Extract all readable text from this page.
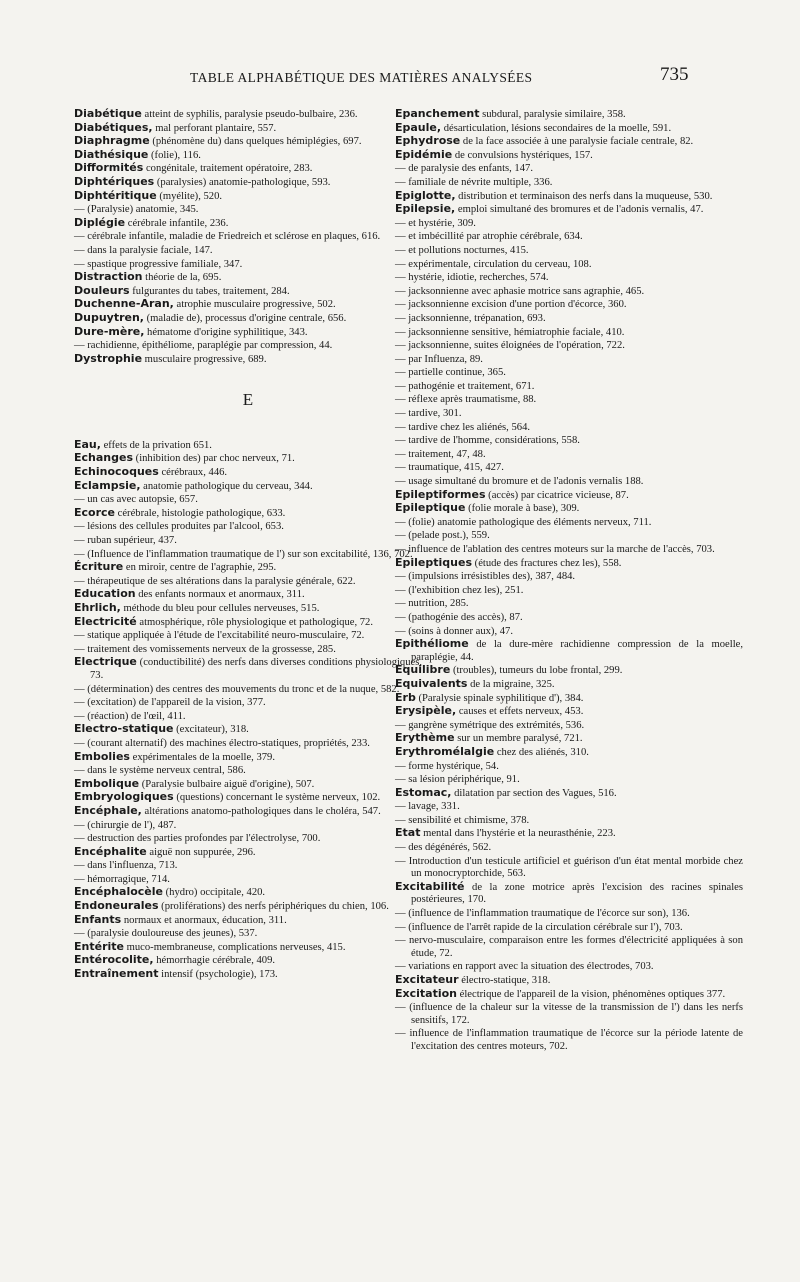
TABLE ALPHABÉTIQUE DES MATIÈRES ANALYSÉES	735

Diabétique atteint de syphilis, paralysie pseudo-bulbaire, 236.

Diabétiques, mal perforant plantaire, 557.

Diaphragme (phénomène du) dans quelques hémiplégies, 697.

Diathésique (folie), 116.

Difformités congénitale, traitement opératoire, 283.

Diphtériques (paralysies) anatomie-pathologique, 593.

Diphtéritique (myélite), 520.

— (Paralysie) anatomie, 345.

Diplégie cérébrale infantile, 236.

— cérébrale infantile, maladie de Friedreich et sclérose en plaques, 616.

— dans la paralysie faciale, 147.

— spastique progressive familiale, 347.

Distraction théorie de la, 695.

Douleurs fulgurantes du tabes, traitement, 284.

Duchenne-Aran, atrophie musculaire progressive, 502.

Dupuytren, (maladie de), processus d'origine centrale, 656.

Dure-mère, hématome d'origine syphilitique, 343.

— rachidienne, épithéliome, paraplégie par compression, 44.

Dystrophie musculaire progressive, 689.

E

Eau, effets de la privation 651.

Echanges (inhibition des) par choc nerveux, 71.

Echinocoques cérébraux, 446.

Eclampsie, anatomie pathologique du cerveau, 344.

— un cas avec autopsie, 657.

Ecorce cérébrale, histologie pathologique, 633.

— lésions des cellules produites par l'alcool, 653.

— ruban supérieur, 437.

— (Influence de l'inflammation traumatique de l') sur son excitabilité, 136, 702.

Écriture en miroir, centre de l'agraphie, 295.

— thérapeutique de ses altérations dans la paralysie générale, 622.

Education des enfants normaux et anormaux, 311.

Ehrlich, méthode du bleu pour cellules nerveuses, 515.

Electricité atmosphérique, rôle physiologique et pathologique, 72.

— statique appliquée à l'étude de l'excitabilité neuro-musculaire, 72.

— traitement des vomissements nerveux de la grossesse, 285.

Electrique (conductibilité) des nerfs dans diverses conditions physiologiques, 73.

— (détermination) des centres des mouvements du tronc et de la nuque, 582.

— (excitation) de l'appareil de la vision, 377.

— (réaction) de l'œil, 411.

Electro-statique (excitateur), 318.

— (courant alternatif) des machines électro-statiques, propriétés, 233.

Embolies expérimentales de la moelle, 379.

— dans le système nerveux central, 586.

Embolique (Paralysie bulbaire aiguë d'origine), 507.

Embryologiques (questions) concernant le système nerveux, 102.

Encéphale, altérations anatomo-pathologiques dans le choléra, 547.

— (chirurgie de l'), 487.

— destruction des parties profondes par l'électrolyse, 700.

Encéphalite aiguë non suppurée, 296.

— dans l'influenza, 713.

— hémorragique, 714.

Encéphalocèle (hydro) occipitale, 420.

Endoneurales (proliférations) des nerfs périphériques du chien, 106.

Enfants normaux et anormaux, éducation, 311.

— (paralysie douloureuse des jeunes), 537.

Entérite muco-membraneuse, complications nerveuses, 415.

Entérocolite, hémorrhagie cérébrale, 409.

Entraînement intensif (psychologie), 173.

Epanchement subdural, paralysie similaire, 358.

Epaule, désarticulation, lésions secondaires de la moelle, 591.

Ephydrose de la face associée à une paralysie faciale centrale, 82.

Epidémie de convulsions hystériques, 157.

— de paralysie des enfants, 147.

— familiale de névrite multiple, 336.

Epiglotte, distribution et terminaison des nerfs dans la muqueuse, 530.

Epilepsie, emploi simultané des bromures et de l'adonis vernalis, 47.

— et hystérie, 309.

— et imbécillité par atrophie cérébrale, 634.

— et pollutions nocturnes, 415.

— expérimentale, circulation du cerveau, 108.

— hystérie, idiotie, recherches, 574.

— jacksonnienne avec aphasie motrice sans agraphie, 465.

— jacksonnienne excision d'une portion d'écorce, 360.

— jacksonnienne, trépanation, 693.

— jacksonnienne sensitive, hémiatrophie faciale, 410.

— jacksonnienne, suites éloignées de l'opération, 722.

— par Influenza, 89.

— partielle continue, 365.

— pathogénie et traitement, 671.

— réflexe après traumatisme, 88.

— tardive, 301.

— tardive chez les aliénés, 564.

— tardive de l'homme, considérations, 558.

— traitement, 47, 48.

— traumatique, 415, 427.

— usage simultané du bromure et de l'adonis vernalis 188.

Epileptiformes (accès) par cicatrice vicieuse, 87.

Epileptique (folie morale à base), 309.

— (folie) anatomie pathologique des éléments nerveux, 711.

— (pelade post.), 559.

— influence de l'ablation des centres moteurs sur la marche de l'accès, 703.

Epileptiques (étude des fractures chez les), 558.

— (impulsions irrésistibles des), 387, 484.

— (l'exhibition chez les), 251.

— nutrition, 285.

— (pathogénie des accès), 87.

— (soins à donner aux), 47.

Epithéliome de la dure-mère rachidienne compression de la moelle, paraplégie, 44.

Equilibre (troubles), tumeurs du lobe frontal, 299.

Equivalents de la migraine, 325.

Erb (Paralysie spinale syphilitique d'), 384.

Erysipèle, causes et effets nerveux, 453.

— gangrène symétrique des extrémités, 536.

Erythème sur un membre paralysé, 721.

Erythromélalgie chez des aliénés, 310.

— forme hystérique, 54.

— sa lésion périphérique, 91.

Estomac, dilatation par section des Vagues, 516.

— lavage, 331.

— sensibilité et chimisme, 378.

Etat mental dans l'hystérie et la neurasthénie, 223.

— des dégénérés, 562.

— Introduction d'un testicule artificiel et guérison d'un état mental morbide chez un monocryptorchide, 563.

Excitabilité de la zone motrice après l'excision des racines spinales postérieures, 170.

— (influence de l'inflammation traumatique de l'écorce sur son), 136.

— (influence de l'arrêt rapide de la circulation cérébrale sur l'), 703.

— nervo-musculaire, comparaison entre les formes d'électricité appliquées à son étude, 72.

— variations en rapport avec la situation des électrodes, 703.

Excitateur électro-statique, 318.

Excitation électrique de l'appareil de la vision, phénomènes optiques 377.

— (influence de la chaleur sur la vitesse de la transmission de l') dans les nerfs sensitifs, 172.

— influence de l'inflammation traumatique de l'écorce sur la période latente de l'excitation des centres moteurs, 702.
